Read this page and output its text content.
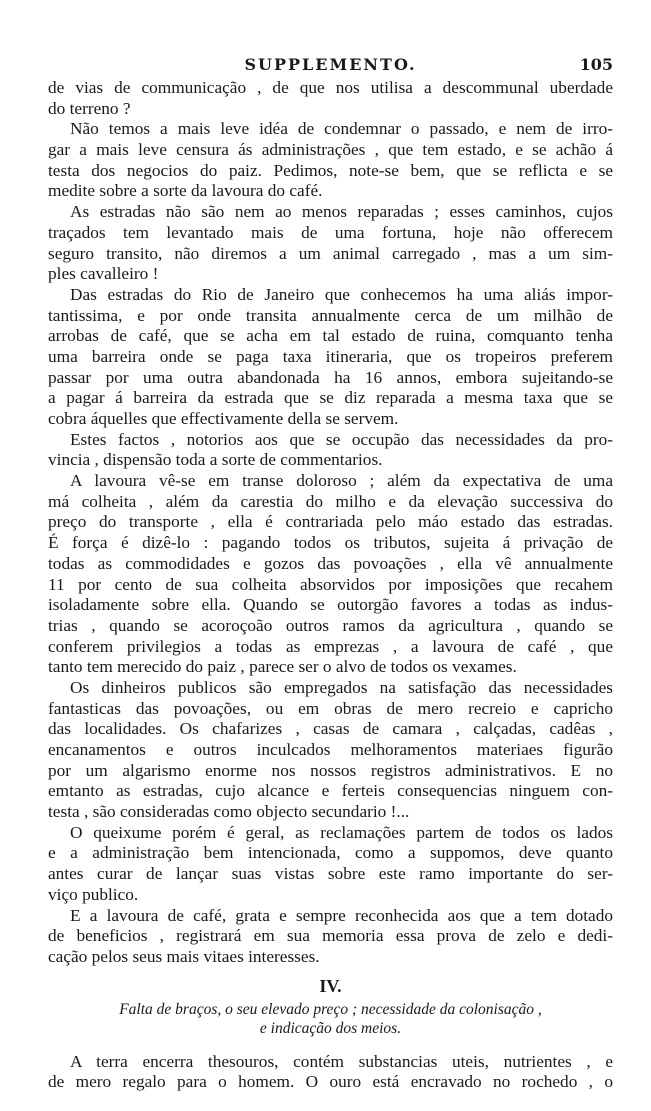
SUPPLEMENTO.	105
de vias de communicação , de que nos utilisa a descommunal uberdade
do terreno ?
Não temos a mais leve idéa de condemnar o passado, e nem de irro-
gar a mais leve censura ás administrações , que tem estado, e se achão á
testa dos negocios do paiz. Pedimos, note-se bem, que se reflicta e se
medite sobre a sorte da lavoura do café.
As estradas não são nem ao menos reparadas ; esses caminhos, cujos
traçados tem levantado mais de uma fortuna, hoje não offerecem
seguro transito, não diremos a um animal carregado , mas a um sim-
ples cavalleiro !
Das estradas do Rio de Janeiro que conhecemos ha uma aliás impor-
tantissima, e por onde transita annualmente cerca de um milhão de
arrobas de café, que se acha em tal estado de ruina, comquanto tenha
uma barreira onde se paga taxa itineraria, que os tropeiros preferem
passar por uma outra abandonada ha 16 annos, embora sujeitando-se
a pagar á barreira da estrada que se diz reparada a mesma taxa que se
cobra áquelles que effectivamente della se servem.
Estes factos , notorios aos que se occupão das necessidades da pro-
vincia , dispensão toda a sorte de commentarios.
A lavoura vê-se em transe doloroso ; além da expectativa de uma
má colheita , além da carestia do milho e da elevação successiva do
preço do transporte , ella é contrariada pelo máo estado das estradas.
É força é dizê-lo : pagando todos os tributos, sujeita á privação de
todas as commodidades e gozos das povoações , ella vê annualmente
11 por cento de sua colheita absorvidos por imposições que recahem
isoladamente sobre ella. Quando se outorgão favores a todas as indus-
trias , quando se acoroçoão outros ramos da agricultura , quando se
conferem privilegios a todas as emprezas , a lavoura de café , que
tanto tem merecido do paiz , parece ser o alvo de todos os vexames.
Os dinheiros publicos são empregados na satisfação das necessidades
fantasticas das povoações, ou em obras de mero recreio e capricho
das localidades. Os chafarizes , casas de camara , calçadas, cadêas ,
encanamentos e outros inculcados melhoramentos materiaes figurão
por um algarismo enorme nos nossos registros administrativos. E no
emtanto as estradas, cujo alcance e ferteis consequencias ninguem con-
testa , são consideradas como objecto secundario !...
O queixume porém é geral, as reclamações partem de todos os lados
e a administração bem intencionada, como a suppomos, deve quanto
antes curar de lançar suas vistas sobre este ramo importante do ser-
viço publico.
E a lavoura de café, grata e sempre reconhecida aos que a tem dotado
de beneficios , registrará em sua memoria essa prova de zelo e dedi-
cação pelos seus mais vitaes interesses.
IV.
Falta de braços, o seu elevado preço ; necessidade da colonisação ,
e indicação dos meios.
A terra encerra thesouros, contém substancias uteis, nutrientes , e
de mero regalo para o homem. O ouro está encravado no rochedo , o
